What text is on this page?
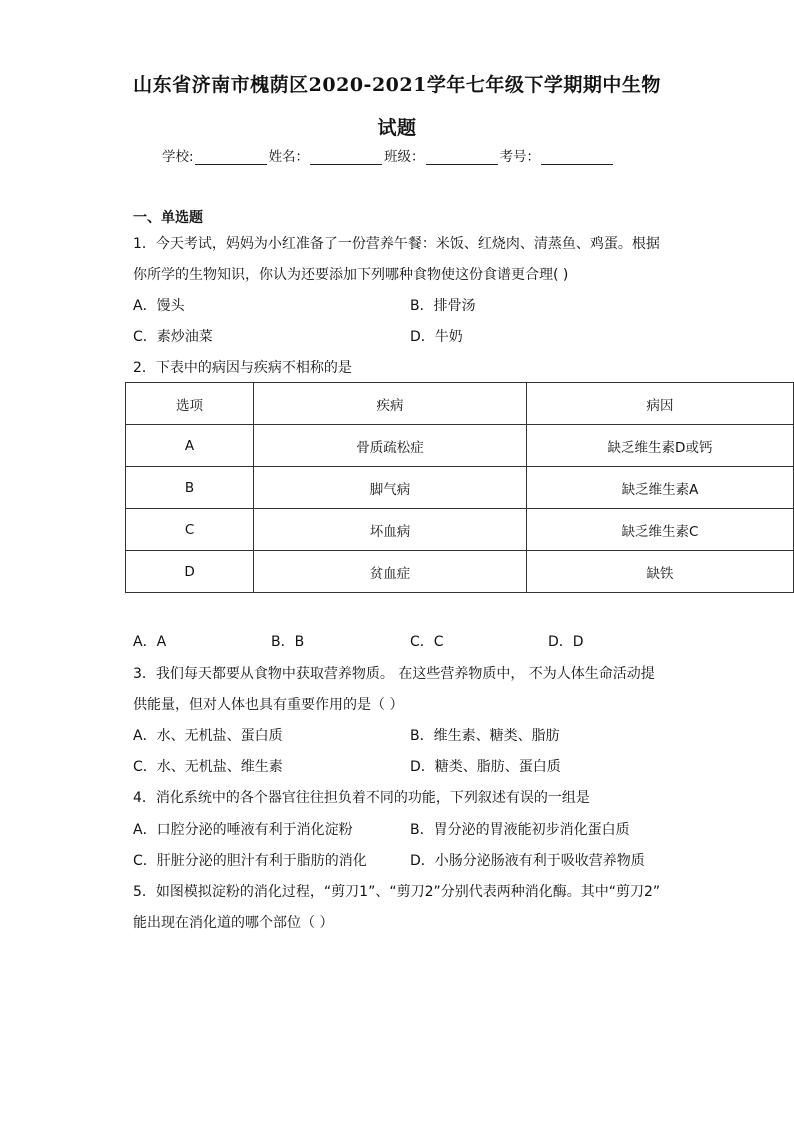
山东省济南市槐荫区2020-2021学年七年级下学期期中生物
试题
学校:	姓名：	班级：	考号：
一、单选题
1．今天考试，妈妈为小红准备了一份营养午餐：米饭、红烧肉、清蒸鱼、鸡蛋。根据
你所学的生物知识，你认为还要添加下列哪种食物使这份食谱更合理( )
A．馒头	B．排骨汤
C．素炒油菜	D．牛奶
2．下表中的病因与疾病不相称的是
选项	疾病	病因
A	骨质疏松症	缺乏维生素D或钙
B	脚气病	缺乏维生素A
C	坏血病	缺乏维生素C
D	贫血症	缺铁
A．A	B．B	C．C	D．D
3．我们每天都要从食物中获取营养物质。 在这些营养物质中， 不为人体生命活动提
供能量，但对人体也具有重要作用的是（ ）
A．水、无机盐、蛋白质	B．维生素、糖类、脂肪
C．水、无机盐、维生素	D．糖类、脂肪、蛋白质
4．消化系统中的各个器官往往担负着不同的功能，下列叙述有误的一组是
A．口腔分泌的唾液有利于消化淀粉	B．胃分泌的胃液能初步消化蛋白质
C．肝脏分泌的胆汁有利于脂肪的消化	D．小肠分泌肠液有利于吸收营养物质
5．如图模拟淀粉的消化过程，“剪刀1”、“剪刀2”分别代表两种消化酶。其中“剪刀2”
能出现在消化道的哪个部位（ ）
